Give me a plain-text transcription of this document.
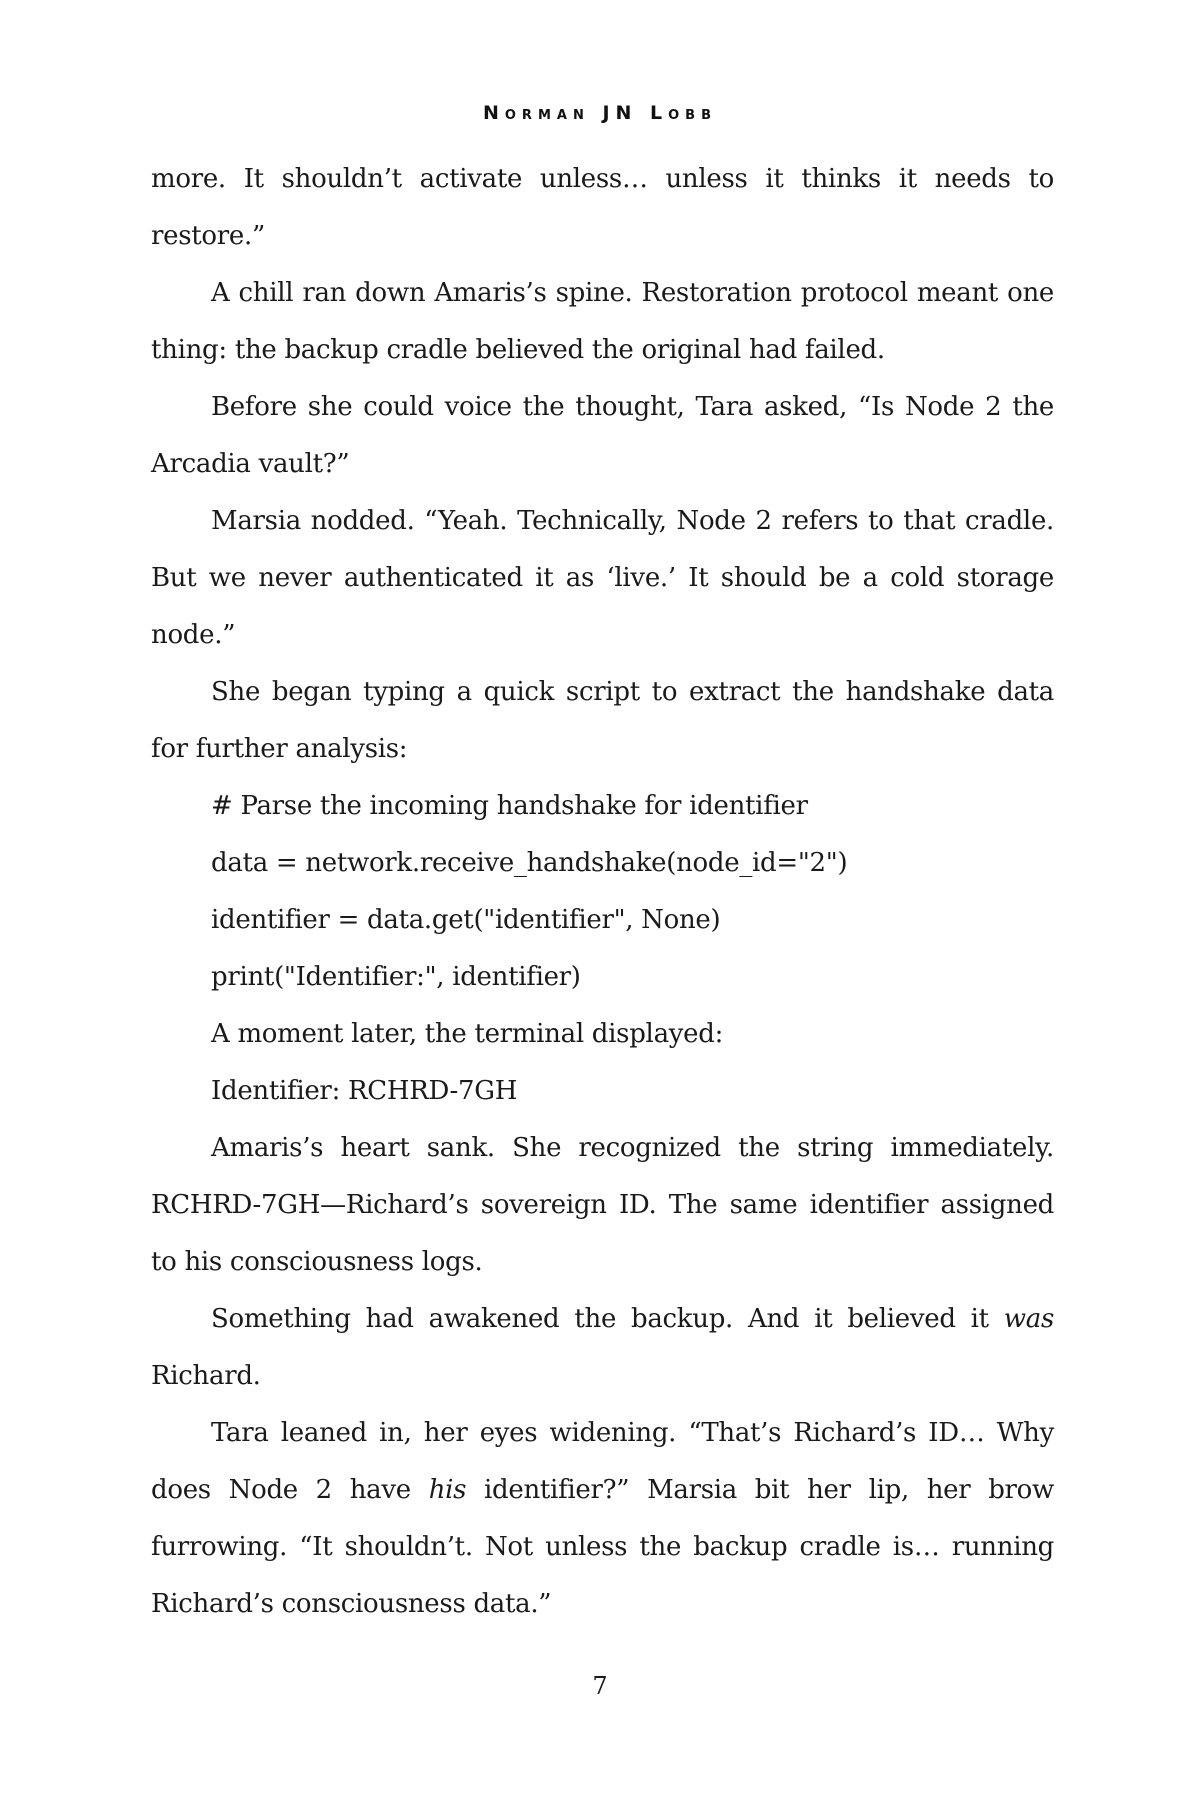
Norman JN Lobb

more. It shouldn’t activate unless… unless it thinks it needs to restore.”

A chill ran down Amaris’s spine. Restoration protocol meant one thing: the backup cradle believed the original had failed.

Before she could voice the thought, Tara asked, “Is Node 2 the Arcadia vault?”

Marsia nodded. “Yeah. Technically, Node 2 refers to that cradle. But we never authenticated it as ‘live.’ It should be a cold storage node.”

She began typing a quick script to extract the handshake data for further analysis:

# Parse the incoming handshake for identifier

data = network.receive_handshake(node_id="2")

identifier = data.get("identifier", None)

print("Identifier:", identifier)

A moment later, the terminal displayed:

Identifier: RCHRD-7GH

Amaris’s heart sank. She recognized the string immediately. RCHRD-7GH—Richard’s sovereign ID. The same identifier assigned to his consciousness logs.

Something had awakened the backup. And it believed it was Richard.

Tara leaned in, her eyes widening. “That’s Richard’s ID… Why does Node 2 have his identifier?” Marsia bit her lip, her brow furrowing. “It shouldn’t. Not unless the backup cradle is… running Richard’s consciousness data.”

7
